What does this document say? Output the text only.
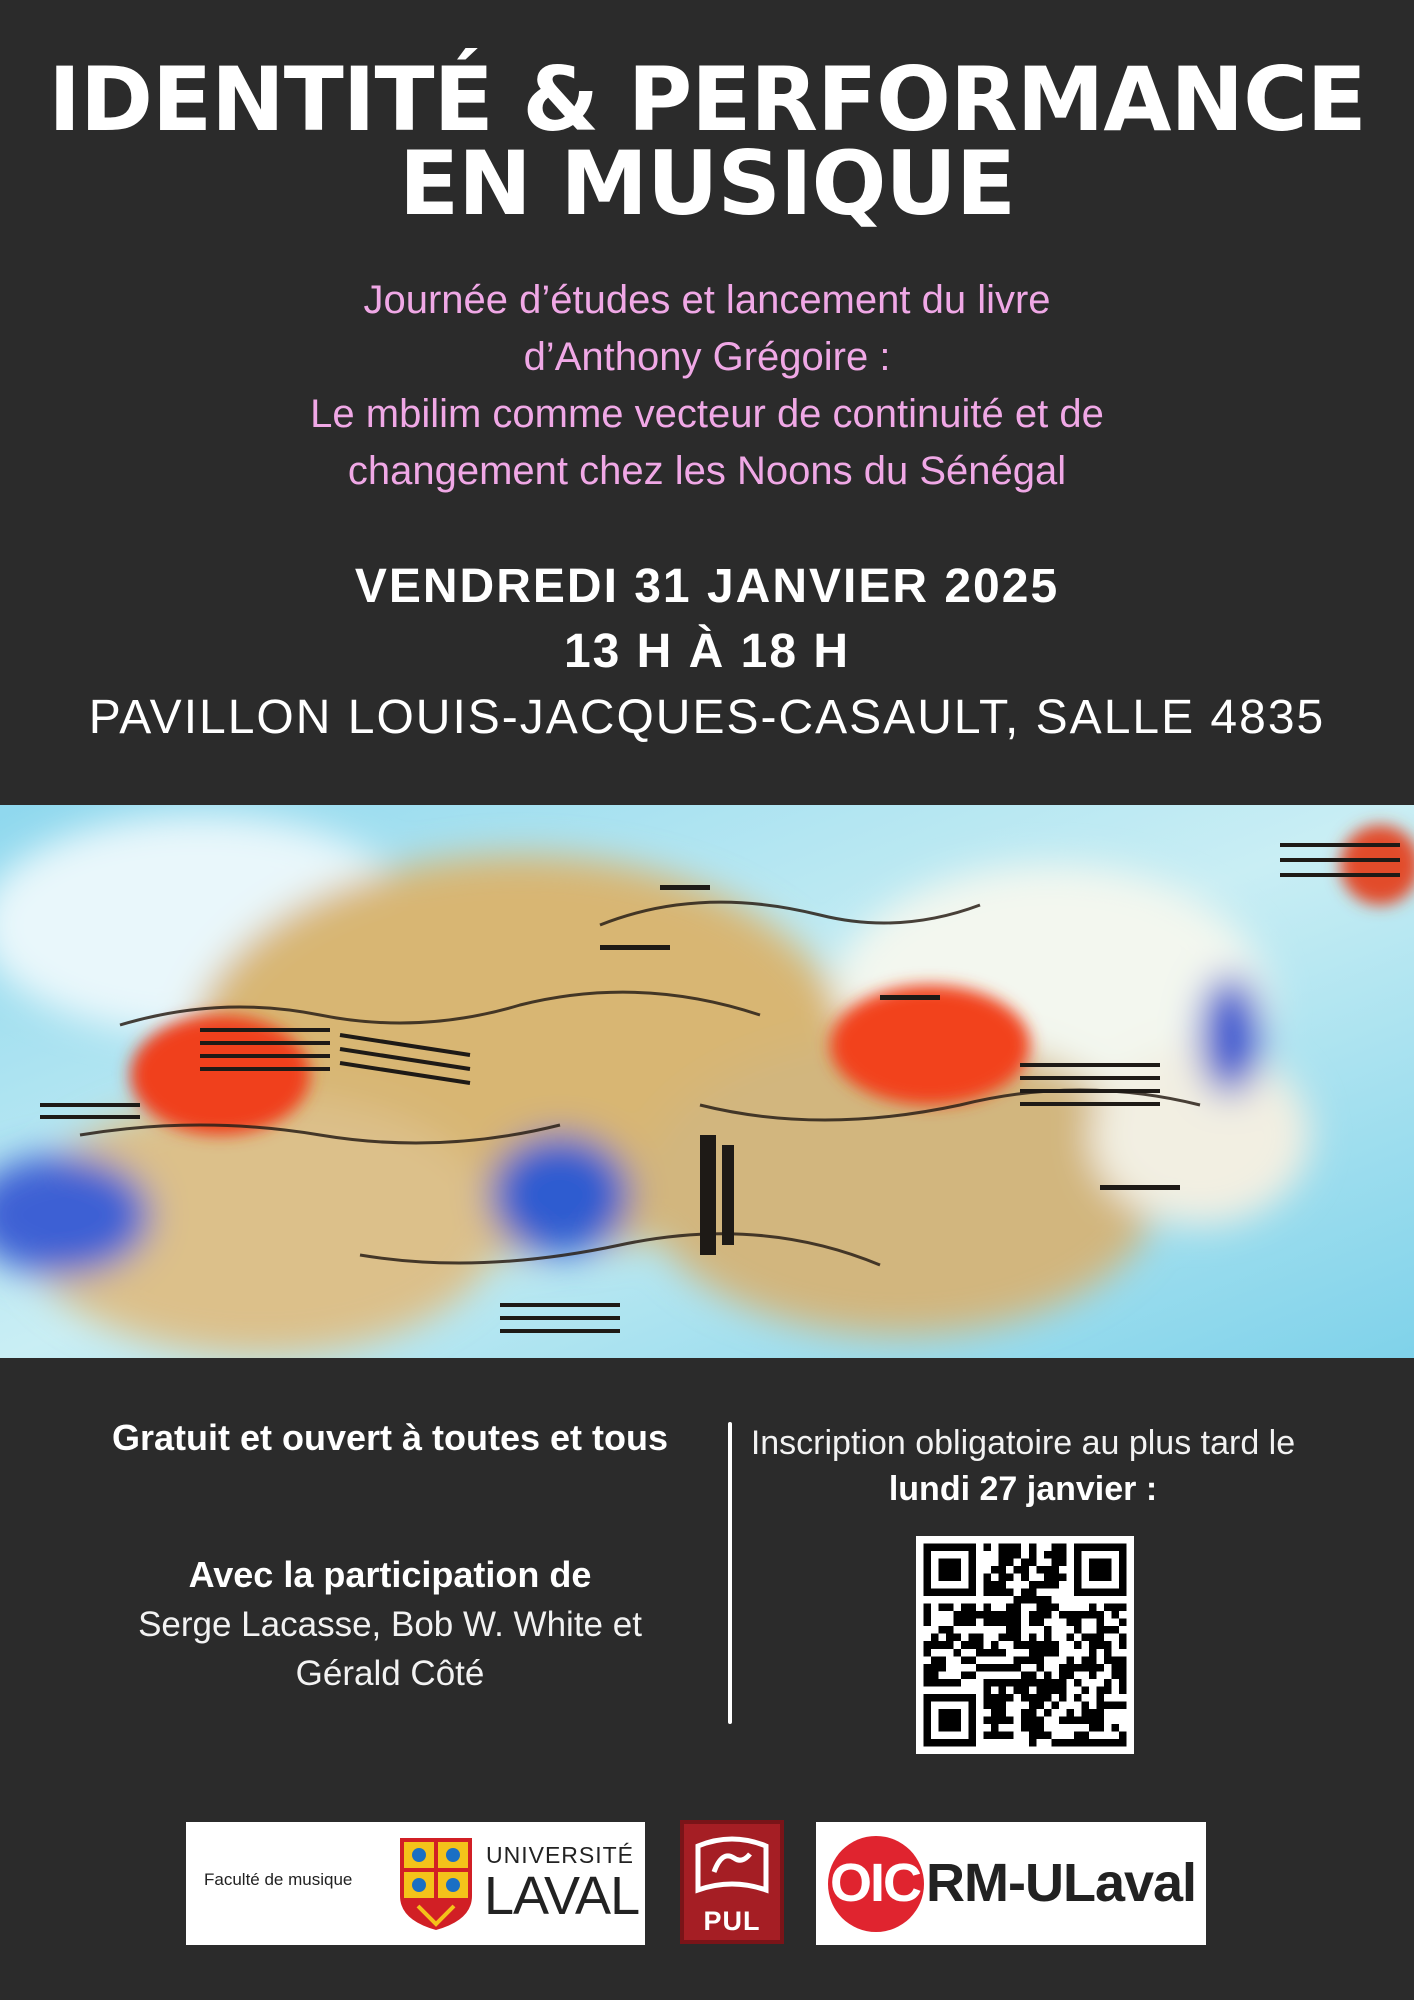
IDENTITÉ & PERFORMANCE
EN MUSIQUE
Journée d’études et lancement du livre
d’Anthony Grégoire :
Le mbilim comme vecteur de continuité et de
changement chez les Noons du Sénégal
VENDREDI 31 JANVIER 2025
13 H À 18 H
PAVILLON LOUIS-JACQUES-CASAULT, SALLE 4835
Gratuit et ouvert à toutes et tous
Avec la participation de
Serge Lacasse, Bob W. White et
Gérald Côté
Inscription obligatoire au plus tard le
lundi 27 janvier :
Faculté de musique
UNIVERSITÉ
LAVAL	PUL
OIC RM-ULaval
